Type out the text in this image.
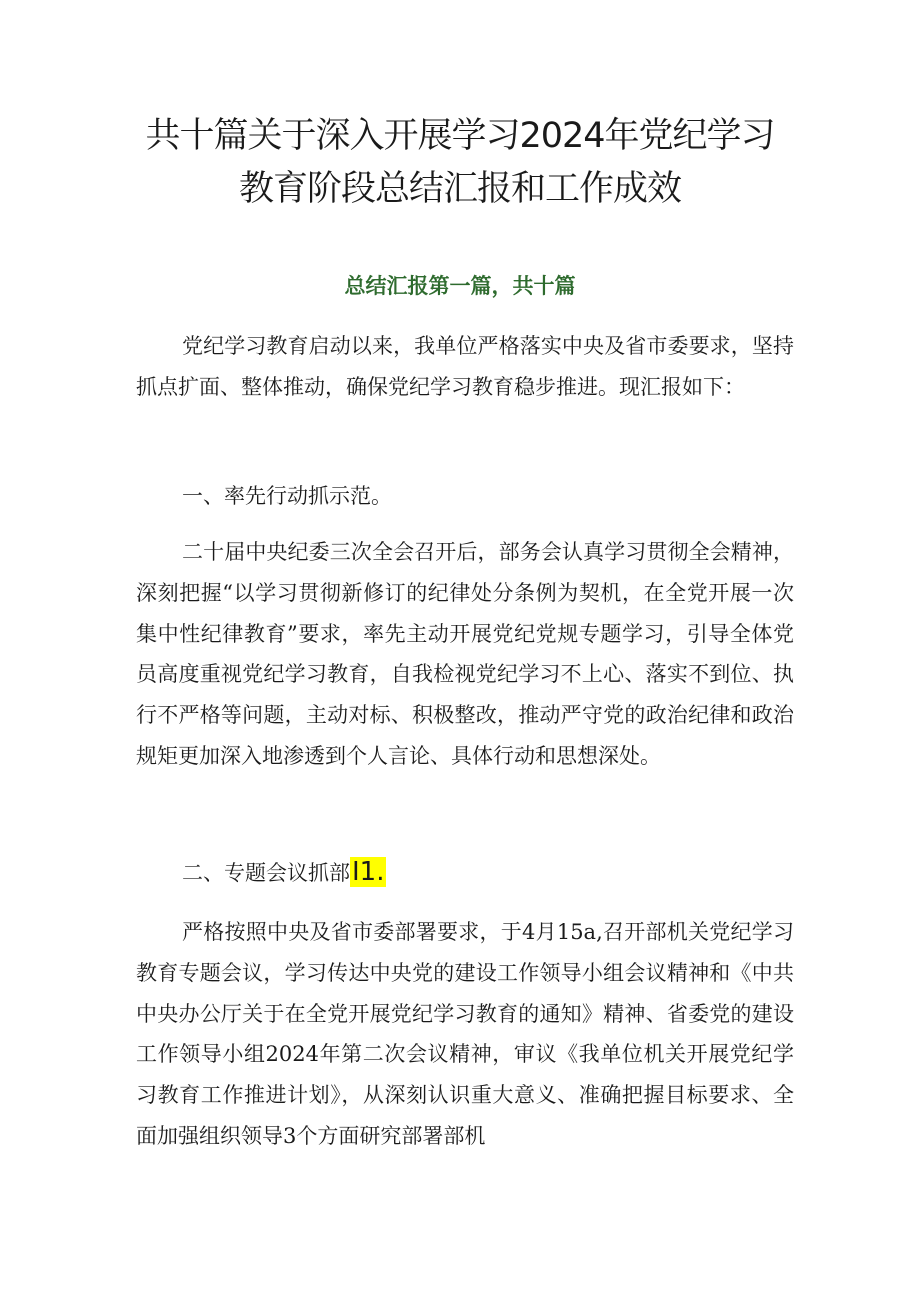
共十篇关于深入开展学习2024年党纪学习
教育阶段总结汇报和工作成效
总结汇报第一篇，共十篇
党纪学习教育启动以来，我单位严格落实中央及省市委要求，坚持抓点扩面、整体推动，确保党纪学习教育稳步推进。现汇报如下：
一、率先行动抓示范。
二十届中央纪委三次全会召开后，部务会认真学习贯彻全会精神，深刻把握“以学习贯彻新修订的纪律处分条例为契机，在全党开展一次集中性纪律教育”要求，率先主动开展党纪党规专题学习，引导全体党员高度重视党纪学习教育，自我检视党纪学习不上心、落实不到位、执行不严格等问题，主动对标、积极整改，推动严守党的政治纪律和政治规矩更加深入地渗透到个人言论、具体行动和思想深处。
二、专题会议抓部I1.
严格按照中央及省市委部署要求，于4月15a,召开部机关党纪学习教育专题会议，学习传达中央党的建设工作领导小组会议精神和《中共中央办公厅关于在全党开展党纪学习教育的通知》精神、省委党的建设工作领导小组2024年第二次会议精神，审议《我单位机关开展党纪学习教育工作推进计划》，从深刻认识重大意义、准确把握目标要求、全面加强组织领导3个方面研究部署部机
